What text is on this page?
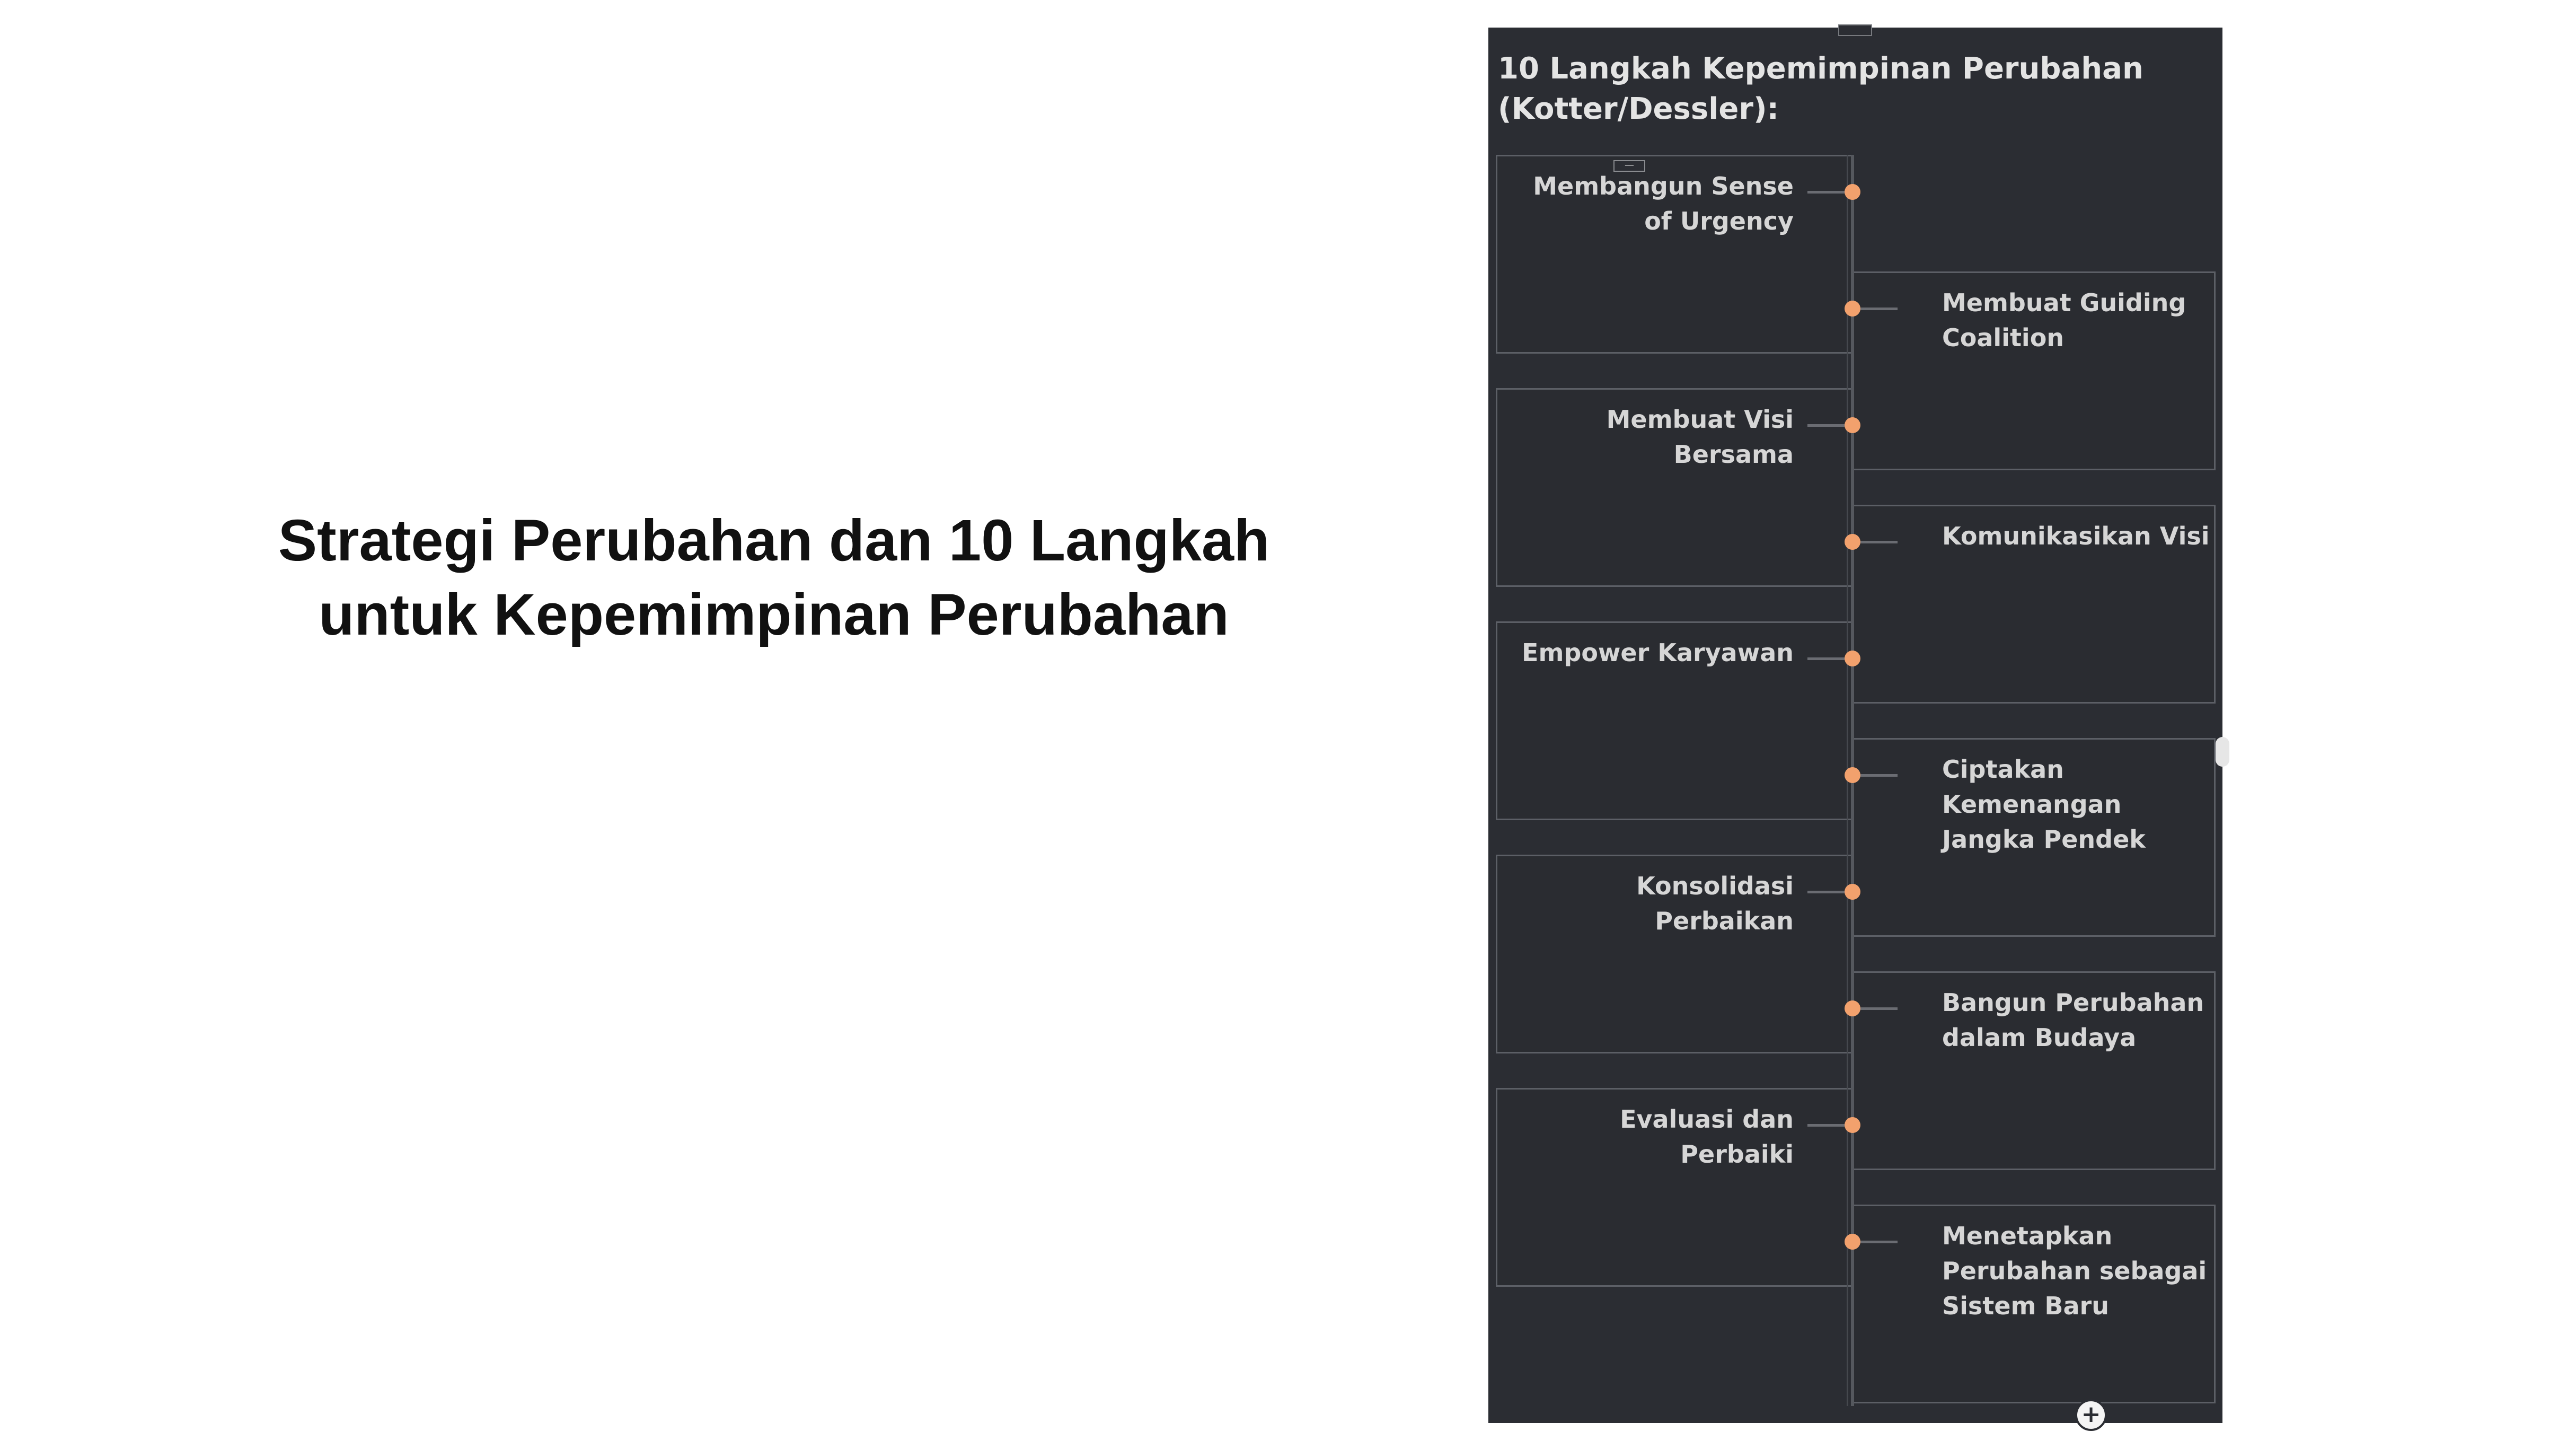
Strategi Perubahan dan 10 Langkah
untuk Kepemimpinan Perubahan
10 Langkah Kepemimpinan Perubahan
(Kotter/Dessler):
Membangun Sense
of Urgency
Membuat Guiding
Coalition
Membuat Visi
Bersama
Komunikasikan Visi
Empower Karyawan
Ciptakan
Kemenangan
Jangka Pendek
Konsolidasi
Perbaikan
Bangun Perubahan
dalam Budaya
Evaluasi dan
Perbaiki
Menetapkan
Perubahan sebagai
Sistem Baru
—
+
